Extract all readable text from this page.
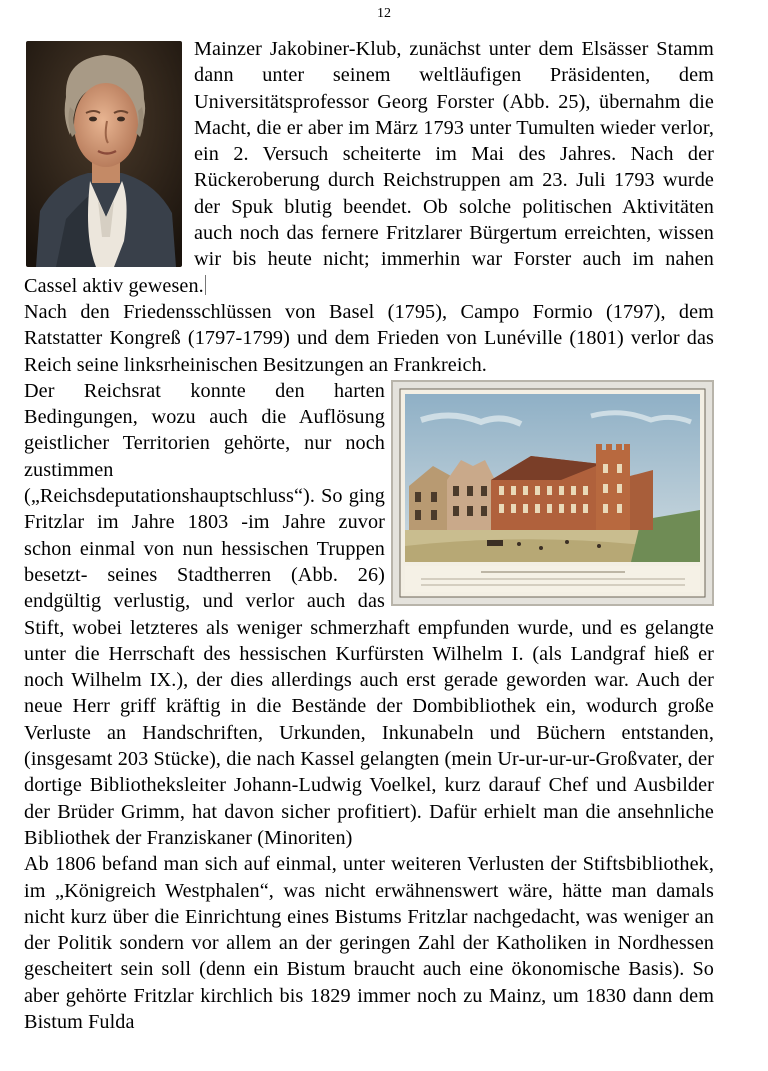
12

Mainzer Jakobiner-Klub, zunächst unter dem Elsässer Stamm dann unter seinem weltläufigen Präsidenten, dem Universitätsprofessor Georg Forster (Abb. 25), übernahm die Macht, die er aber im März 1793 unter Tumulten wieder verlor, ein 2. Versuch scheiterte im Mai des Jahres. Nach der Rückeroberung durch Reichstruppen am 23. Juli 1793 wurde der Spuk blutig beendet. Ob solche politischen Aktivitäten auch noch das fernere Fritzlarer Bürgertum erreichten, wissen wir bis heute nicht; immerhin war Forster auch im nahen Cassel aktiv gewesen.

Nach den Friedensschlüssen von Basel (1795), Campo Formio (1797), dem Ratstatter Kongreß (1797-1799) und dem Frieden von Lunéville (1801) verlor das Reich seine linksrheinischen Besitzungen an Frankreich.

Der Reichsrat konnte den harten Bedingungen, wozu auch die Auflösung geistlicher Territorien gehörte, nur noch zustimmen („Reichsdeputationshauptschluss“). So ging Fritzlar im Jahre 1803 -im Jahre zuvor schon einmal von nun hessischen Truppen besetzt- seines Stadtherren (Abb. 26) endgültig verlustig, und verlor auch das Stift, wobei letzteres als weniger schmerzhaft empfunden wurde, und es gelangte unter die Herrschaft des hessischen Kurfürsten Wilhelm I. (als Landgraf hieß er noch Wilhelm IX.), der dies allerdings auch erst gerade geworden war. Auch der neue Herr griff kräftig in die Bestände der Dombibliothek ein, wodurch große Verluste an Handschriften, Urkunden, Inkunabeln und Büchern entstanden, (insgesamt 203 Stücke), die nach Kassel gelangten (mein Ur-ur-ur-ur-Großvater, der dortige Bibliotheksleiter Johann-Ludwig Voelkel, kurz darauf Chef und Ausbilder der Brüder Grimm, hat davon sicher profitiert). Dafür erhielt man die ansehnliche Bibliothek der Franziskaner (Minoriten)

Ab 1806 befand man sich auf einmal, unter weiteren Verlusten der Stiftsbibliothek, im „Königreich Westphalen“, was nicht erwähnenswert wäre, hätte man damals nicht kurz über die Einrichtung eines Bistums Fritzlar nachgedacht, was weniger an der Politik sondern vor allem an der geringen Zahl der Katholiken in Nordhessen gescheitert sein soll (denn ein Bistum braucht auch eine ökonomische Basis). So aber gehörte Fritzlar kirchlich bis 1829 immer noch zu Mainz, um 1830 dann dem Bistum Fulda
